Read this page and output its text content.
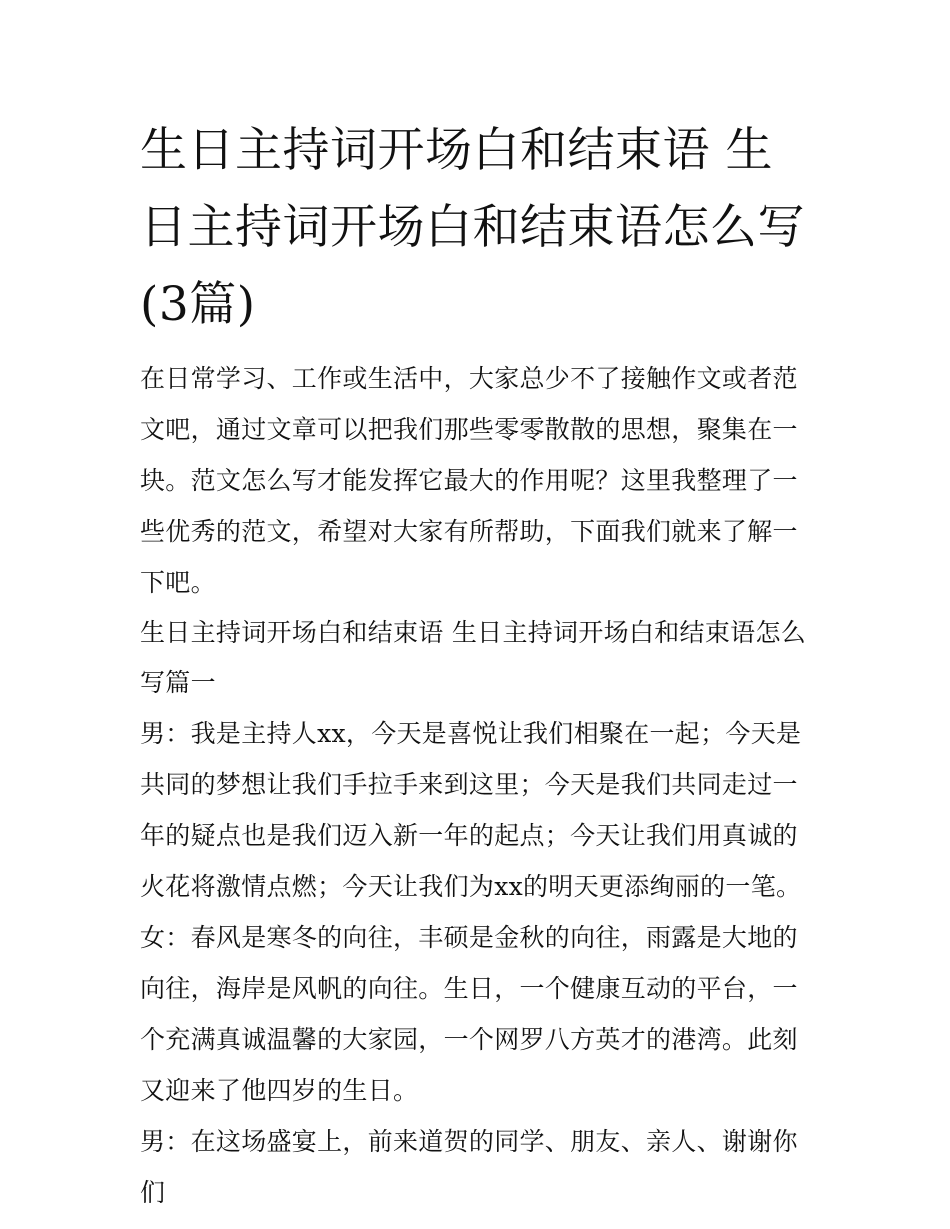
生日主持词开场白和结束语 生日主持词开场白和结束语怎么写(3篇)

在日常学习、工作或生活中，大家总少不了接触作文或者范文吧，通过文章可以把我们那些零零散散的思想，聚集在一块。范文怎么写才能发挥它最大的作用呢？这里我整理了一些优秀的范文，希望对大家有所帮助，下面我们就来了解一下吧。

生日主持词开场白和结束语 生日主持词开场白和结束语怎么写篇一

男：我是主持人xx，今天是喜悦让我们相聚在一起；今天是共同的梦想让我们手拉手来到这里；今天是我们共同走过一年的疑点也是我们迈入新一年的起点；今天让我们用真诚的火花将激情点燃；今天让我们为xx的明天更添绚丽的一笔。

女：春风是寒冬的向往，丰硕是金秋的向往，雨露是大地的向往，海岸是风帆的向往。生日，一个健康互动的平台，一个充满真诚温馨的大家园，一个网罗八方英才的港湾。此刻又迎来了他四岁的生日。

男：在这场盛宴上，前来道贺的同学、朋友、亲人、谢谢你们
